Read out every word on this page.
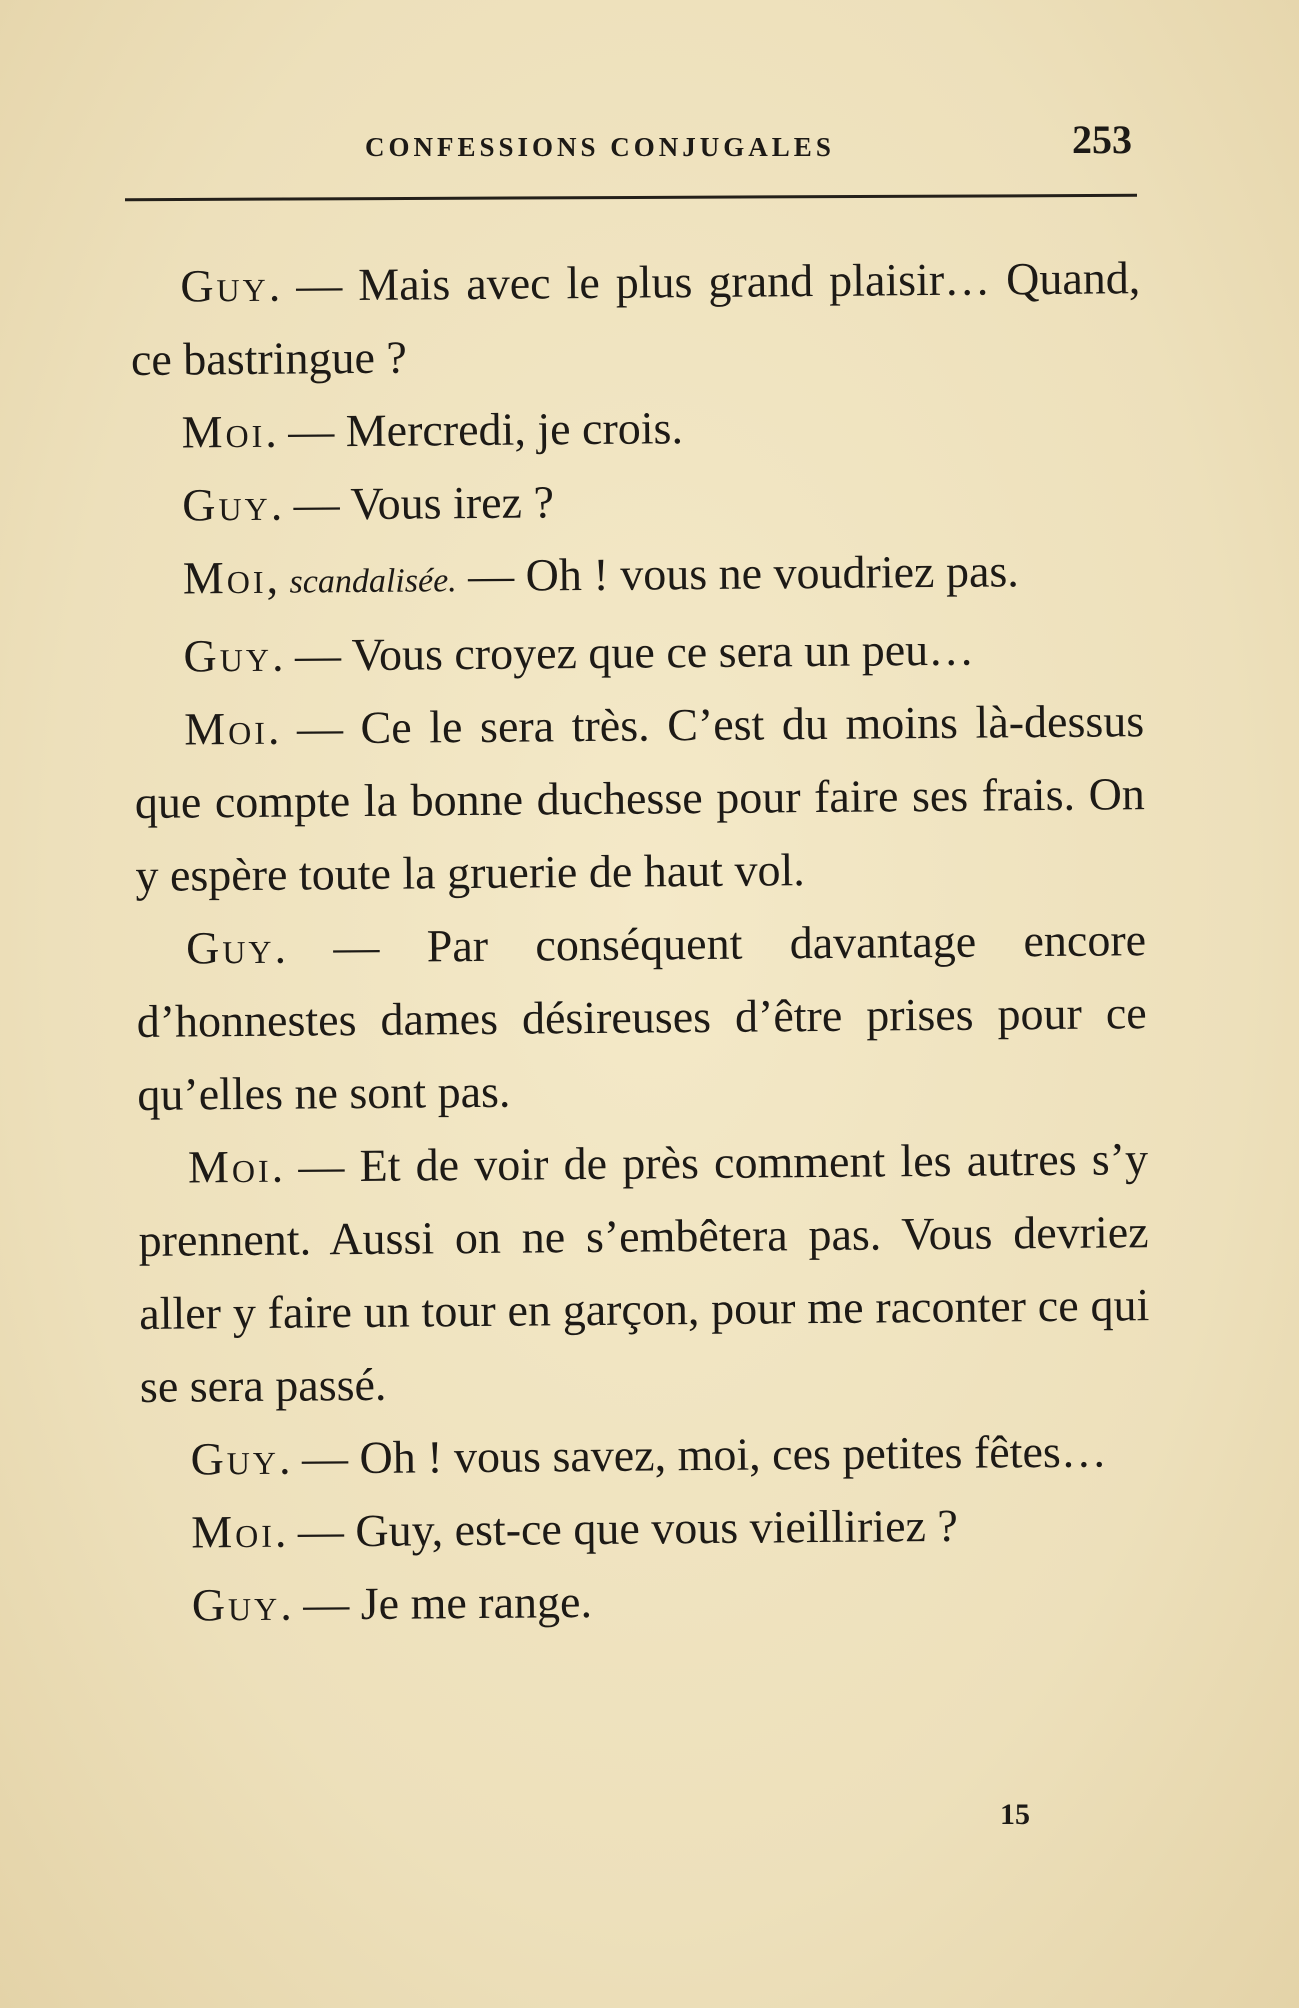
CONFESSIONS CONJUGALES	253

Guy. — Mais avec le plus grand plaisir… Quand, ce bastringue ?

Moi. — Mercredi, je crois.

Guy. — Vous irez ?

Moi, scandalisée. — Oh ! vous ne voudriez pas.

Guy. — Vous croyez que ce sera un peu…

Moi. — Ce le sera très. C’est du moins là-dessus que compte la bonne duchesse pour faire ses frais. On y espère toute la gruerie de haut vol.

Guy. — Par conséquent davantage encore d’honnestes dames désireuses d’être prises pour ce qu’elles ne sont pas.

Moi. — Et de voir de près comment les autres s’y prennent. Aussi on ne s’embêtera pas. Vous devriez aller y faire un tour en garçon, pour me raconter ce qui se sera passé.

Guy. — Oh ! vous savez, moi, ces petites fêtes…

Moi. — Guy, est-ce que vous vieilliriez ?

Guy. — Je me range.

15
